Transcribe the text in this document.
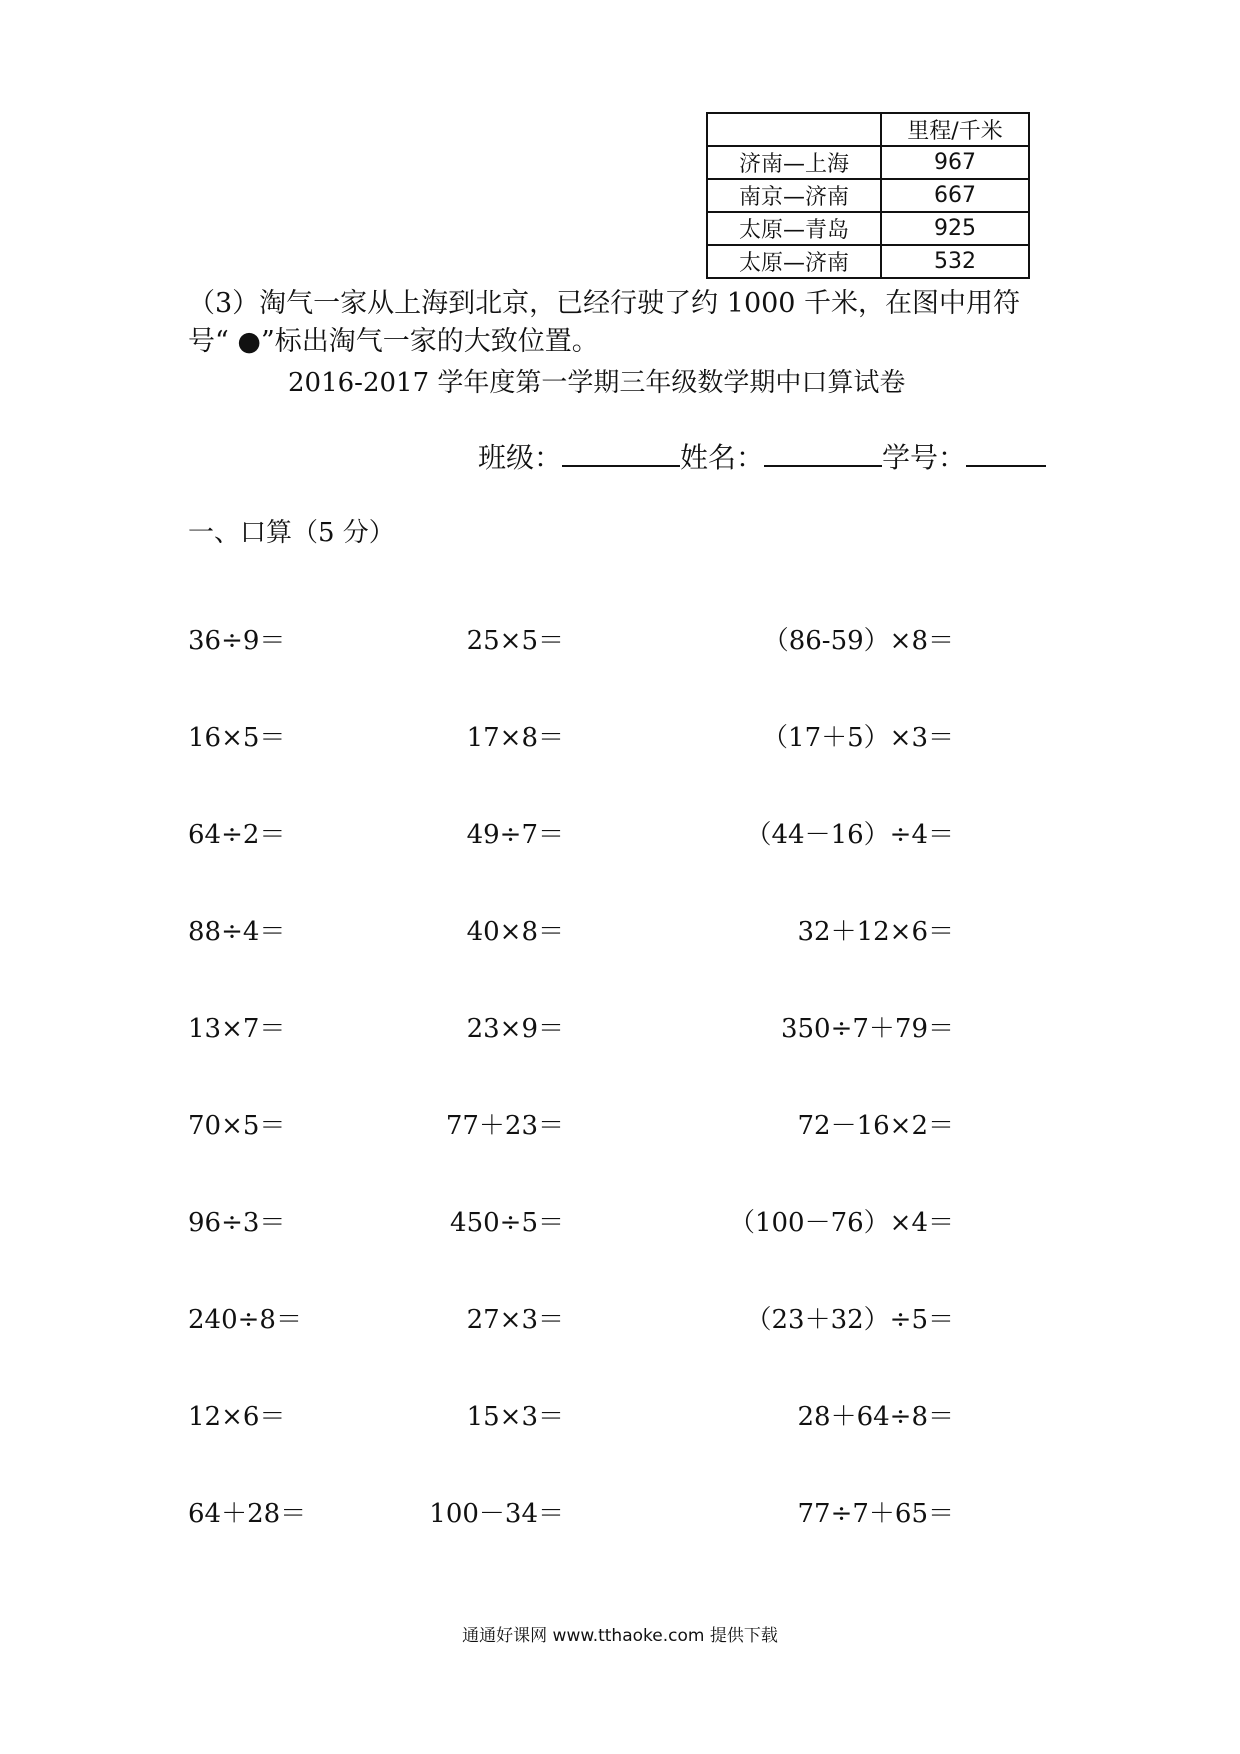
	里程/千米
济南—上海	967
南京—济南	667
太原—青岛	925
太原—济南	532
（3）淘气一家从上海到北京，已经行驶了约 1000 千米，在图中用符
号“ ●”标出淘气一家的大致位置。
2016-2017 学年度第一学期三年级数学期中口算试卷
班级：	姓名：	学号：
一、口算（5 分）
36÷9＝	25×5＝	（86-59）×8＝
16×5＝	17×8＝	（17＋5）×3＝
64÷2＝	49÷7＝	（44－16）÷4＝
88÷4＝	40×8＝	32＋12×6＝
13×7＝	23×9＝	350÷7＋79＝
70×5＝	77＋23＝	72－16×2＝
96÷3＝	450÷5＝	（100－76）×4＝
240÷8＝	27×3＝	（23＋32）÷5＝
12×6＝	15×3＝	28＋64÷8＝
64＋28＝	100－34＝	77÷7＋65＝
通通好课网 www.tthaoke.com 提供下载
